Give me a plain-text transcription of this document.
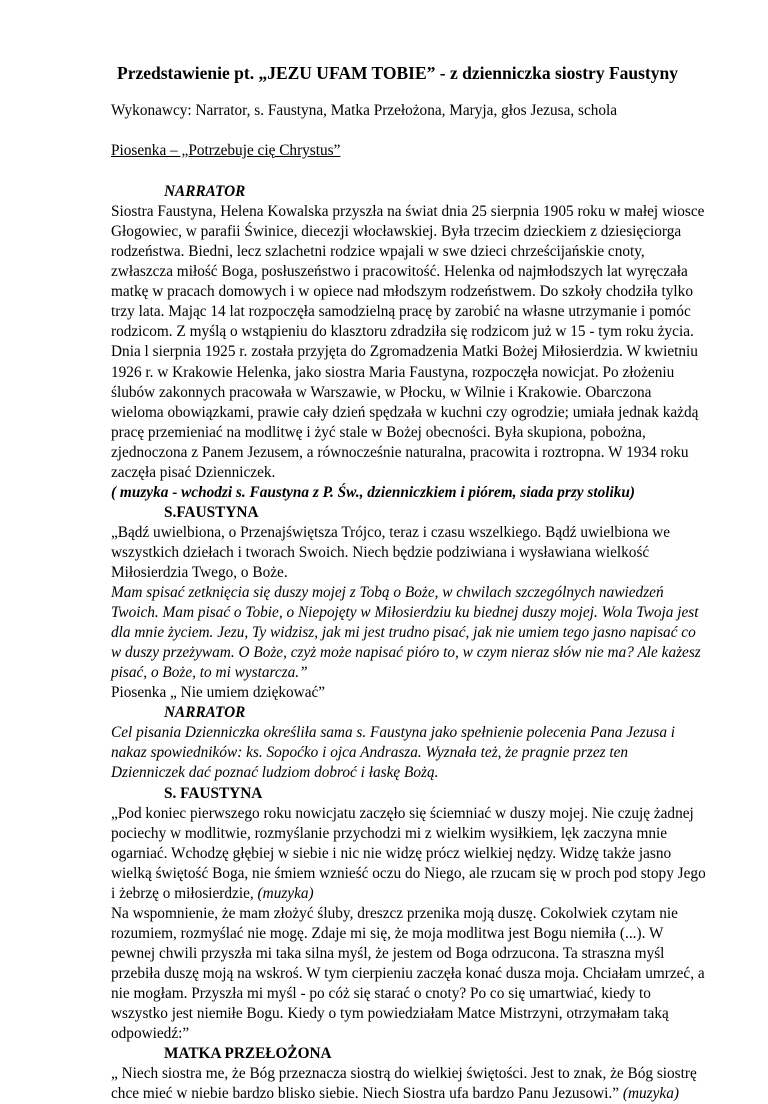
Przedstawienie pt. „JEZU UFAM TOBIE” - z dzienniczka siostry Faustyny

Wykonawcy: Narrator, s. Faustyna, Matka Przełożona, Maryja, głos Jezusa, schola

Piosenka – „Potrzebuje cię Chrystus”

NARRATOR

Siostra Faustyna, Helena Kowalska przyszła na świat dnia 25 sierpnia 1905 roku w małej wiosce
Głogowiec, w parafii Świnice, diecezji włocławskiej. Była trzecim dzieckiem z dziesięciorga
rodzeństwa. Biedni, lecz szlachetni rodzice wpajali w swe dzieci chrześcijańskie cnoty,
zwłaszcza miłość Boga, posłuszeństwo i pracowitość. Helenka od najmłodszych lat wyręczała
matkę w pracach domowych i w opiece nad młodszym rodzeństwem. Do szkoły chodziła tylko
trzy lata. Mając 14 lat rozpoczęła samodzielną pracę by zarobić na własne utrzymanie i pomóc
rodzicom. Z myślą o wstąpieniu do klasztoru zdradziła się rodzicom już w 15 - tym roku życia.
Dnia l sierpnia 1925 r. została przyjęta do Zgromadzenia Matki Bożej Miłosierdzia. W kwietniu
1926 r. w Krakowie Helenka, jako siostra Maria Faustyna, rozpoczęła nowicjat. Po złożeniu
ślubów zakonnych pracowała w Warszawie, w Płocku, w Wilnie i Krakowie. Obarczona
wieloma obowiązkami, prawie cały dzień spędzała w kuchni czy ogrodzie; umiała jednak każdą
pracę przemieniać na modlitwę i żyć stale w Bożej obecności. Była skupiona, pobożna,
zjednoczona z Panem Jezusem, a równocześnie naturalna, pracowita i roztropna. W 1934 roku
zaczęła pisać Dzienniczek.

( muzyka - wchodzi s. Faustyna z P. Św., dzienniczkiem i piórem, siada przy stoliku)

S.FAUSTYNA

„Bądź uwielbiona, o Przenajświętsza Trójco, teraz i czasu wszelkiego. Bądź uwielbiona we
wszystkich dziełach i tworach Swoich. Niech będzie podziwiana i wysławiana wielkość
Miłosierdzia Twego, o Boże.

Mam spisać zetknięcia się duszy mojej z Tobą o Boże, w chwilach szczególnych nawiedzeń
Twoich. Mam pisać o Tobie, o Niepojęty w Miłosierdziu ku biednej duszy mojej. Wola Twoja jest
dla mnie życiem. Jezu, Ty widzisz, jak mi jest trudno pisać, jak nie umiem tego jasno napisać co
w duszy przeżywam. O Boże, czyż może napisać pióro to, w czym nieraz słów nie ma? Ale każesz
pisać, o Boże, to mi wystarcza.”

Piosenka „ Nie umiem dziękować”

NARRATOR

Cel pisania Dzienniczka określiła sama s. Faustyna jako spełnienie polecenia Pana Jezusa i
nakaz spowiedników: ks. Sopoćko i ojca Andrasza. Wyznała też, że pragnie przez ten
Dzienniczek dać poznać ludziom dobroć i łaskę Bożą.

S. FAUSTYNA

„Pod koniec pierwszego roku nowicjatu zaczęło się ściemniać w duszy mojej. Nie czuję żadnej
pociechy w modlitwie, rozmyślanie przychodzi mi z wielkim wysiłkiem, lęk zaczyna mnie
ogarniać. Wchodzę głębiej w siebie i nic nie widzę prócz wielkiej nędzy. Widzę także jasno
wielką świętość Boga, nie śmiem wznieść oczu do Niego, ale rzucam się w proch pod stopy Jego

i żebrzę o miłosierdzie, (muzyka)

Na wspomnienie, że mam złożyć śluby, dreszcz przenika moją duszę. Cokolwiek czytam nie
rozumiem, rozmyślać nie mogę. Zdaje mi się, że moja modlitwa jest Bogu niemiła (...). W
pewnej chwili przyszła mi taka silna myśl, że jestem od Boga odrzucona. Ta straszna myśl
przebiła duszę moją na wskroś. W tym cierpieniu zaczęła konać dusza moja. Chciałam umrzeć, a
nie mogłam. Przyszła mi myśl - po cóż się starać o cnoty? Po co się umartwiać, kiedy to
wszystko jest niemiłe Bogu. Kiedy o tym powiedziałam Matce Mistrzyni, otrzymałam taką
odpowiedź:”

MATKA PRZEŁOŻONA

„ Niech siostra me, że Bóg przeznacza siostrą do wielkiej świętości. Jest to znak, że Bóg siostrę
chce mieć w niebie bardzo blisko siebie. Niech Siostra ufa bardzo Panu Jezusowi.” (muzyka)
